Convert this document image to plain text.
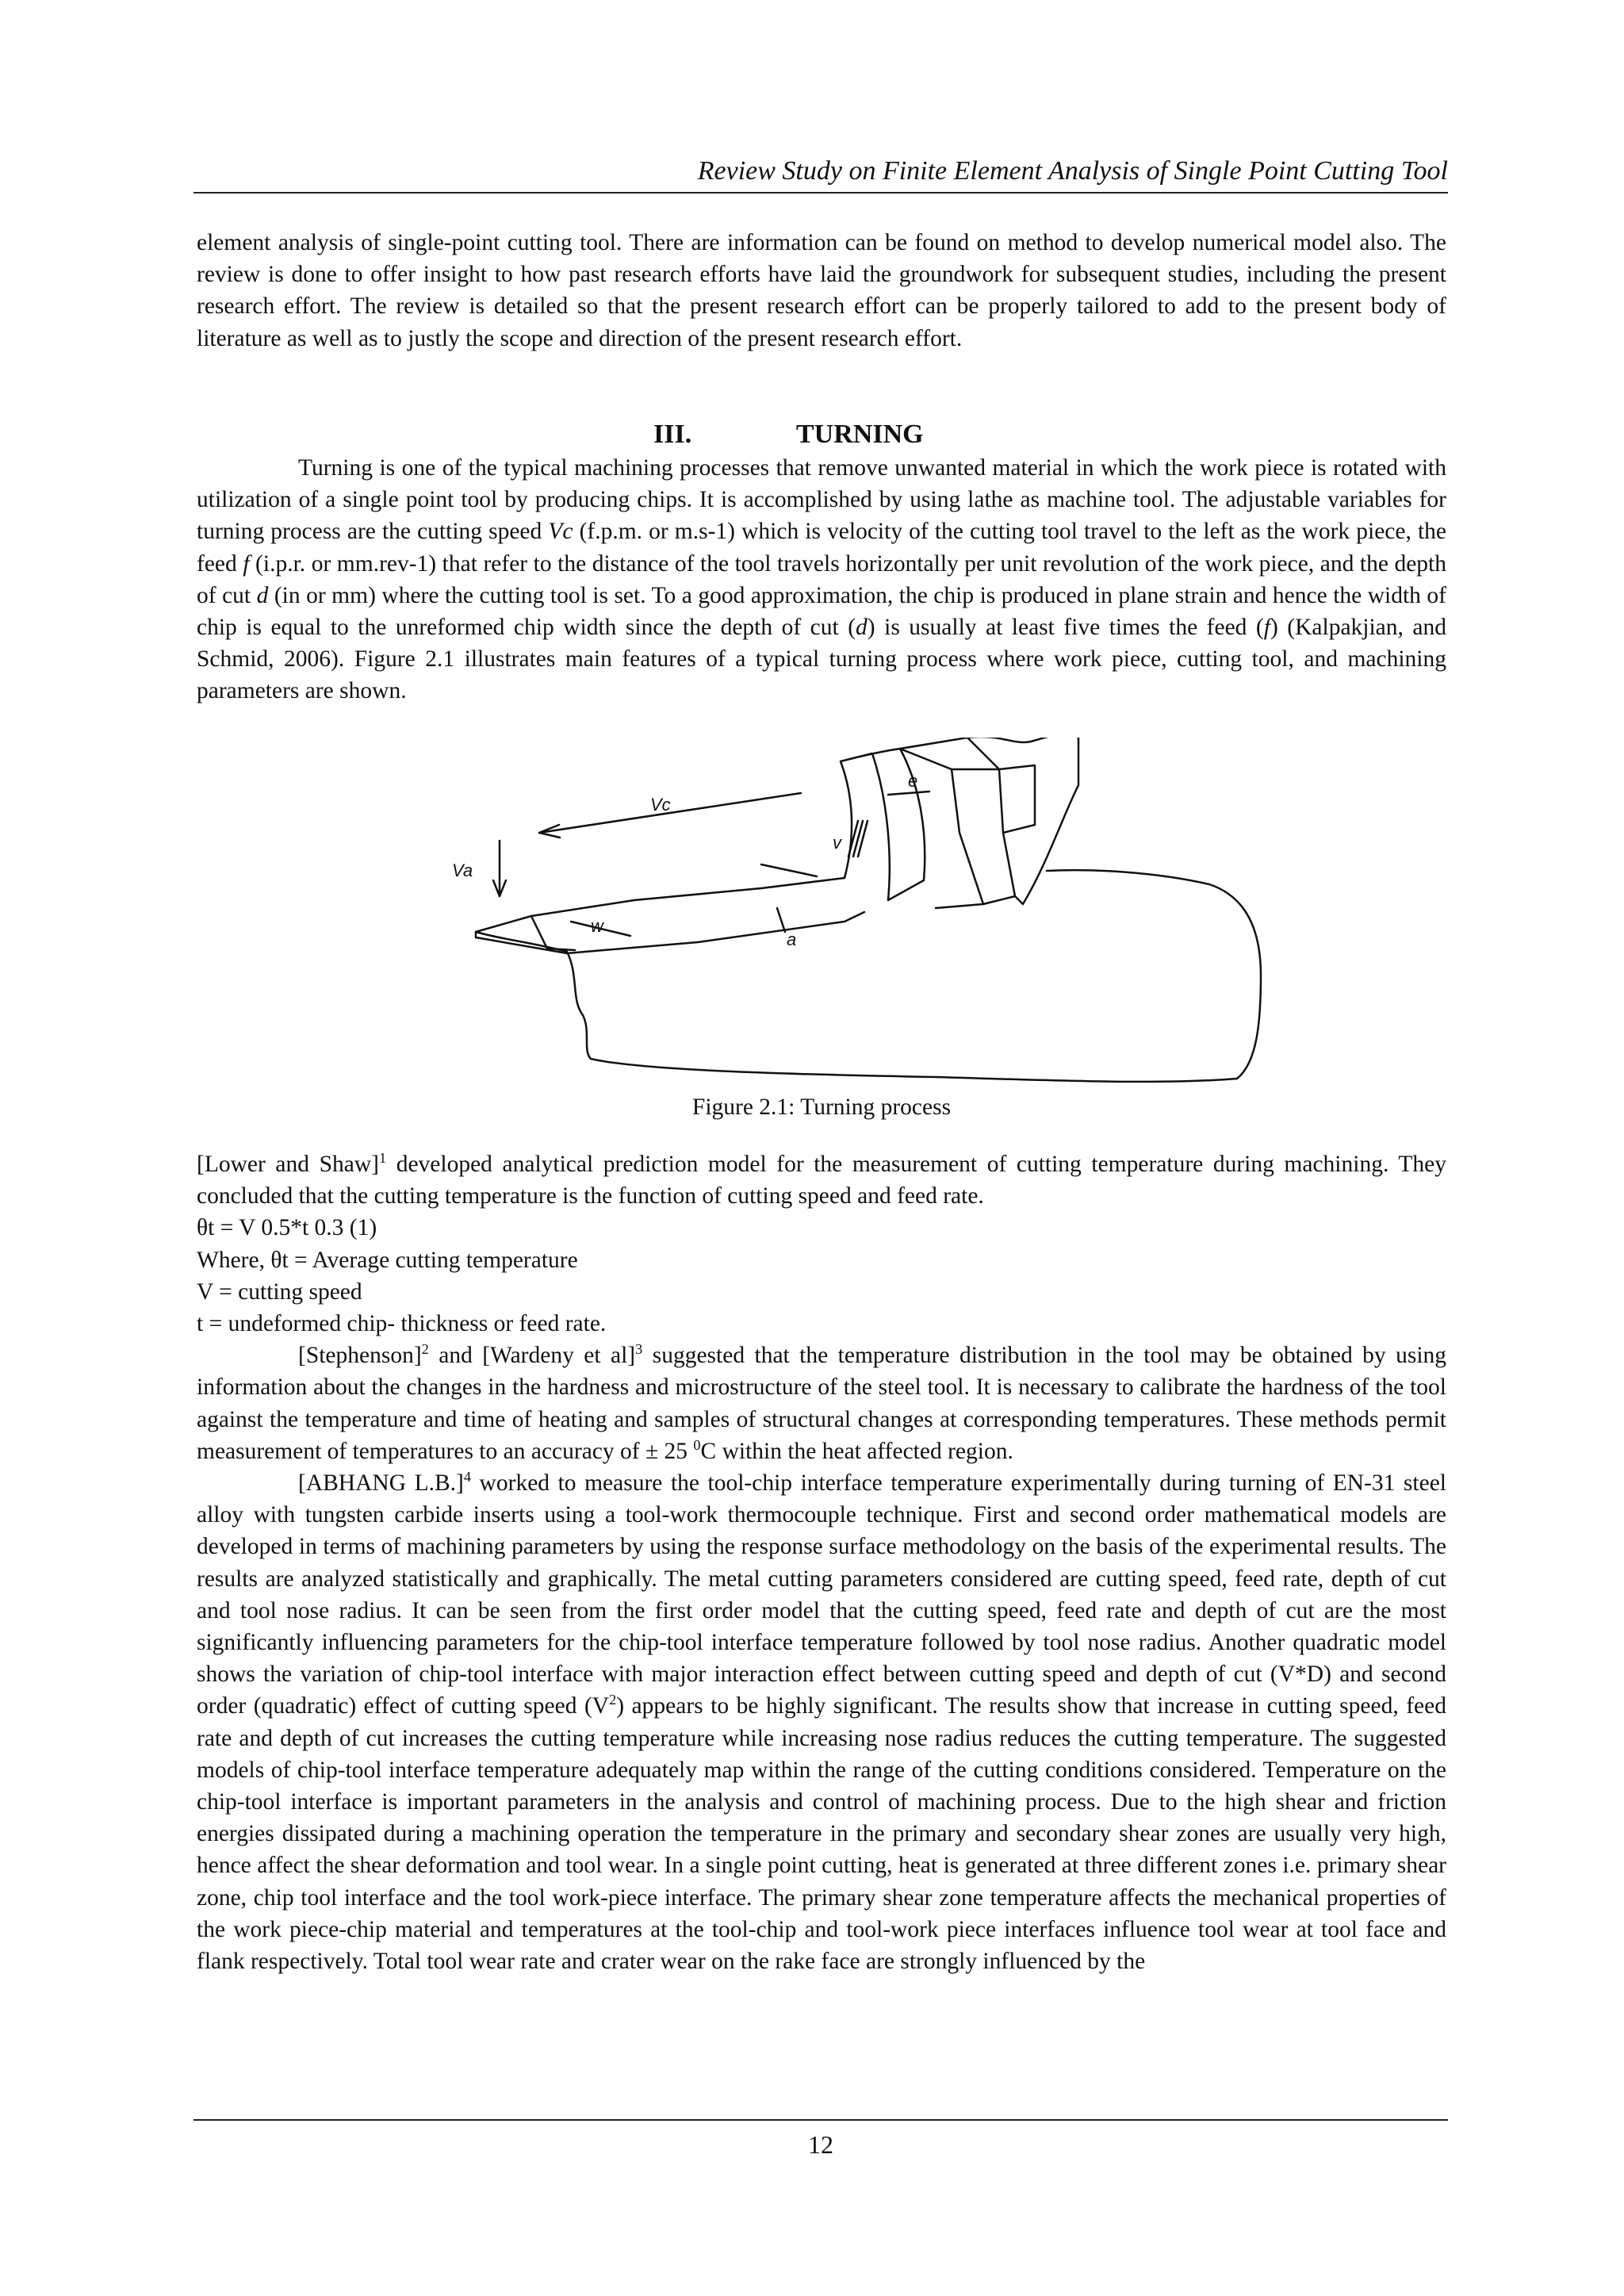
Review Study on Finite Element Analysis of Single Point Cutting Tool

element analysis of single-point cutting tool. There are information can be found on method to develop numerical model also. The review is done to offer insight to how past research efforts have laid the groundwork for subsequent studies, including the present research effort. The review is detailed so that the present research effort can be properly tailored to add to the present body of literature as well as to justly the scope and direction of the present research effort.

III.	TURNING

Turning is one of the typical machining processes that remove unwanted material in which the work piece is rotated with utilization of a single point tool by producing chips. It is accomplished by using lathe as machine tool. The adjustable variables for turning process are the cutting speed Vc (f.p.m. or m.s-1) which is velocity of the cutting tool travel to the left as the work piece, the feed f (i.p.r. or mm.rev-1) that refer to the distance of the tool travels horizontally per unit revolution of the work piece, and the depth of cut d (in or mm) where the cutting tool is set. To a good approximation, the chip is produced in plane strain and hence the width of chip is equal to the unreformed chip width since the depth of cut (d) is usually at least five times the feed (f) (Kalpakjian, and Schmid, 2006). Figure 2.1 illustrates main features of a typical turning process where work piece, cutting tool, and machining parameters are shown.

Vc
Va
v
e
w
a
Figure 2.1: Turning process

[Lower and Shaw]$^1$ developed analytical prediction model for the measurement of cutting temperature during machining. They concluded that the cutting temperature is the function of cutting speed and feed rate.

θt = V 0.5*t 0.3 (1)
Where, θt = Average cutting temperature
V = cutting speed
t = undeformed chip- thickness or feed rate.

[Stephenson]$^2$ and [Wardeny et al]$^3$ suggested that the temperature distribution in the tool may be obtained by using information about the changes in the hardness and microstructure of the steel tool. It is necessary to calibrate the hardness of the tool against the temperature and time of heating and samples of structural changes at corresponding temperatures. These methods permit measurement of temperatures to an accuracy of ± 25 $^0$C within the heat affected region.

[ABHANG L.B.]$^4$ worked to measure the tool-chip interface temperature experimentally during turning of EN-31 steel alloy with tungsten carbide inserts using a tool-work thermocouple technique. First and second order mathematical models are developed in terms of machining parameters by using the response surface methodology on the basis of the experimental results. The results are analyzed statistically and graphically. The metal cutting parameters considered are cutting speed, feed rate, depth of cut and tool nose radius. It can be seen from the first order model that the cutting speed, feed rate and depth of cut are the most significantly influencing parameters for the chip-tool interface temperature followed by tool nose radius. Another quadratic model shows the variation of chip-tool interface with major interaction effect between cutting speed and depth of cut (V*D) and second order (quadratic) effect of cutting speed $(V^2)$ appears to be highly significant. The results show that increase in cutting speed, feed rate and depth of cut increases the cutting temperature while increasing nose radius reduces the cutting temperature. The suggested models of chip-tool interface temperature adequately map within the range of the cutting conditions considered. Temperature on the chip-tool interface is important parameters in the analysis and control of machining process. Due to the high shear and friction energies dissipated during a machining operation the temperature in the primary and secondary shear zones are usually very high, hence affect the shear deformation and tool wear. In a single point cutting, heat is generated at three different zones i.e. primary shear zone, chip tool interface and the tool work-piece interface. The primary shear zone temperature affects the mechanical properties of the work piece-chip material and temperatures at the tool-chip and tool-work piece interfaces influence tool wear at tool face and flank respectively. Total tool wear rate and crater wear on the rake face are strongly influenced by the

12
